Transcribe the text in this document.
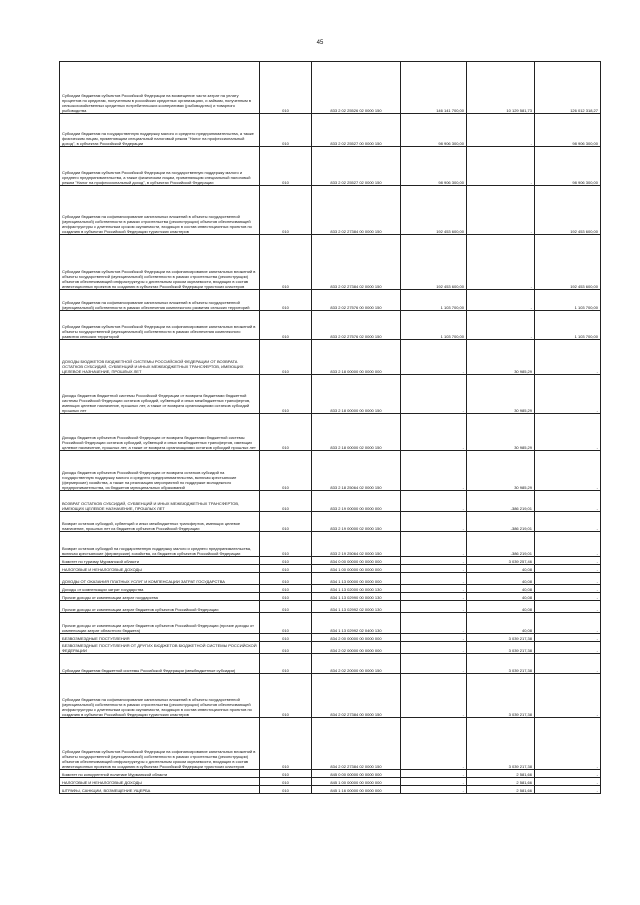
45
Субсидии бюджетам субъектов Российской Федерации на возмещение части затрат на уплату процентов по кредитам, полученным в российских кредитных организациях, и займам, полученным в сельскохозяйственных кредитных потребительских кооперативах (рыбоводство) и товарного рыбоводства	010	833 2 02 25526 02 0000 150	146 141 700,00	10 129 581,73	126 012 318,27
Субсидии бюджетам на государственную поддержку малого и среднего предпринимательства, а также физическим лицам, применяющим специальный налоговый режим "Налог на профессиональный доход", в субъектах Российской Федерации	010	833 2 02 25527 00 0000 150	98 906 300,00	-	98 906 300,00
Субсидии бюджетам субъектов Российской Федерации на государственную поддержку малого и среднего предпринимательства, а также физическим лицам, применяющим специальный налоговый режим "Налог на профессиональный доход", в субъектах Российской Федерации	010	833 2 02 25527 02 0000 150	98 906 300,00	-	98 906 300,00
Субсидии бюджетам на софинансирование капитальных вложений в объекты государственной (муниципальной) собственности в рамках строительства (реконструкции) объектов обеспечивающей инфраструктуры с длительным сроком окупаемости, входящих в состав инвестиционных проектов по созданию в субъектах Российской Федерации туристских кластеров	010	833 2 02 27384 00 0000 150	192 453 600,00	-	192 453 600,00
Субсидии бюджетам субъектов Российской Федерации на софинансирование капитальных вложений в объекты государственной (муниципальной) собственности в рамках строительства (реконструкции) объектов обеспечивающей инфраструктуры с длительным сроком окупаемости, входящих в состав инвестиционных проектов по созданию в субъектах Российской Федерации туристских кластеров	010	833 2 02 27384 02 0000 150	192 453 600,00	-	192 453 600,00
Субсидии бюджетам на софинансирование капитальных вложений в объекты государственной (муниципальной) собственности в рамках обеспечения комплексного развития сельских территорий	010	833 2 02 27576 00 0000 150	1 103 700,00	-	1 103 700,00
Субсидии бюджетам субъектов Российской Федерации на софинансирование капитальных вложений в объекты государственной (муниципальной) собственности в рамках обеспечения комплексного развития сельских территорий	010	833 2 02 27576 02 0000 150	1 103 700,00	-	1 103 700,00
ДОХОДЫ БЮДЖЕТОВ БЮДЖЕТНОЙ СИСТЕМЫ РОССИЙСКОЙ ФЕДЕРАЦИИ ОТ ВОЗВРАТА ОСТАТКОВ СУБСИДИЙ, СУБВЕНЦИЙ И ИНЫХ МЕЖБЮДЖЕТНЫХ ТРАНСФЕРТОВ, ИМЕЮЩИХ ЦЕЛЕВОЕ НАЗНАЧЕНИЕ, ПРОШЛЫХ ЛЕТ	010	833 2 18 00000 00 0000 000	-	30 985,29	-
Доходы бюджетов бюджетной системы Российской Федерации от возврата бюджетами бюджетной системы Российской Федерации остатков субсидий, субвенций и иных межбюджетных трансфертов, имеющих целевое назначение, прошлых лет, а также от возврата организациями остатков субсидий прошлых лет	010	833 2 18 00000 00 0000 150	-	30 985,29	-
Доходы бюджетов субъектов Российской Федерации от возврата бюджетами бюджетной системы Российской Федерации остатков субсидий, субвенций и иных межбюджетных трансфертов, имеющих целевое назначение, прошлых лет, а также от возврата организациями остатков субсидий прошлых лет	010	833 2 18 00000 02 0000 150	-	30 985,29	-
Доходы бюджетов субъектов Российской Федерации от возврата остатков субсидий на государственную поддержку малого и среднего предпринимательства, включая крестьянские (фермерские) хозяйства, а также на реализацию мероприятий по поддержке молодежного предпринимательства, из бюджетов муниципальных образований	010	833 2 18 25064 02 0000 150	-	30 985,29	-
ВОЗВРАТ ОСТАТКОВ СУБСИДИЙ, СУБВЕНЦИЙ И ИНЫХ МЕЖБЮДЖЕТНЫХ ТРАНСФЕРТОВ, ИМЕЮЩИХ ЦЕЛЕВОЕ НАЗНАЧЕНИЕ, ПРОШЛЫХ ЛЕТ	010	833 2 19 00000 00 0000 000	-	-386 219,01	-
Возврат остатков субсидий, субвенций и иных межбюджетных трансфертов, имеющих целевое назначение, прошлых лет из бюджетов субъектов Российской Федерации	010	833 2 19 00000 02 0000 150	-	-386 219,01	-
Возврат остатков субсидий на государственную поддержку малого и среднего предпринимательства, включая крестьянские (фермерские) хозяйства, из бюджетов субъектов Российской Федерации	010	833 2 19 25064 02 0000 150	-	-386 219,01	-
Комитет по туризму Мурманской области	010	834 0 00 00000 00 0000 000	-	3 039 257,46	-
НАЛОГОВЫЕ И НЕНАЛОГОВЫЕ ДОХОДЫ	010	834 1 00 00000 00 0000 000	-	40,08	-
ДОХОДЫ ОТ ОКАЗАНИЯ ПЛАТНЫХ УСЛУГ И КОМПЕНСАЦИИ ЗАТРАТ ГОСУДАРСТВА	010	834 1 13 00000 00 0000 000	-	40,08	-
Доходы от компенсации затрат государства	010	834 1 13 02000 00 0000 130	-	40,08	-
Прочие доходы от компенсации затрат государства	010	834 1 13 02990 00 0000 130	-	40,08	-
Прочие доходы от компенсации затрат бюджетов субъектов Российской Федерации	010	834 1 13 02992 02 0000 130	-	40,08	-
Прочие доходы от компенсации затрат бюджетов субъектов Российской Федерации (прочие доходы от компенсации затрат областного бюджета)	010	834 1 13 02992 02 0400 130	-	40,08	-
БЕЗВОЗМЕЗДНЫЕ ПОСТУПЛЕНИЯ	010	834 2 00 00000 00 0000 000	-	3 039 217,38	-
БЕЗВОЗМЕЗДНЫЕ ПОСТУПЛЕНИЯ ОТ ДРУГИХ БЮДЖЕТОВ БЮДЖЕТНОЙ СИСТЕМЫ РОССИЙСКОЙ ФЕДЕРАЦИИ	010	834 2 02 00000 00 0000 000	-	3 039 217,38	-
Субсидии бюджетам бюджетной системы Российской Федерации (межбюджетные субсидии)	010	834 2 02 20000 00 0000 150	-	3 039 217,38	-
Субсидии бюджетам на софинансирование капитальных вложений в объекты государственной (муниципальной) собственности в рамках строительства (реконструкции) объектов обеспечивающей инфраструктуры с длительным сроком окупаемости, входящих в состав инвестиционных проектов по созданию в субъектах Российской Федерации туристских кластеров	010	834 2 02 27384 00 0000 150	-	3 039 217,38	-
Субсидии бюджетам субъектов Российской Федерации на софинансирование капитальных вложений в объекты государственной (муниципальной) собственности в рамках строительства (реконструкции) объектов обеспечивающей инфраструктуры с длительным сроком окупаемости, входящих в состав инвестиционных проектов по созданию в субъектах Российской Федерации туристских кластеров	010	834 2 02 27384 02 0000 150	-	3 039 217,38	-
Комитет по конкурентной политике Мурманской области	010	845 0 00 00000 00 0000 000	-	2 581,66	-
НАЛОГОВЫЕ И НЕНАЛОГОВЫЕ ДОХОДЫ	010	845 1 00 00000 00 0000 000	-	2 581,66	-
ШТРАФЫ, САНКЦИИ, ВОЗМЕЩЕНИЕ УЩЕРБА	010	845 1 16 00000 00 0000 000	-	2 581,66	-
